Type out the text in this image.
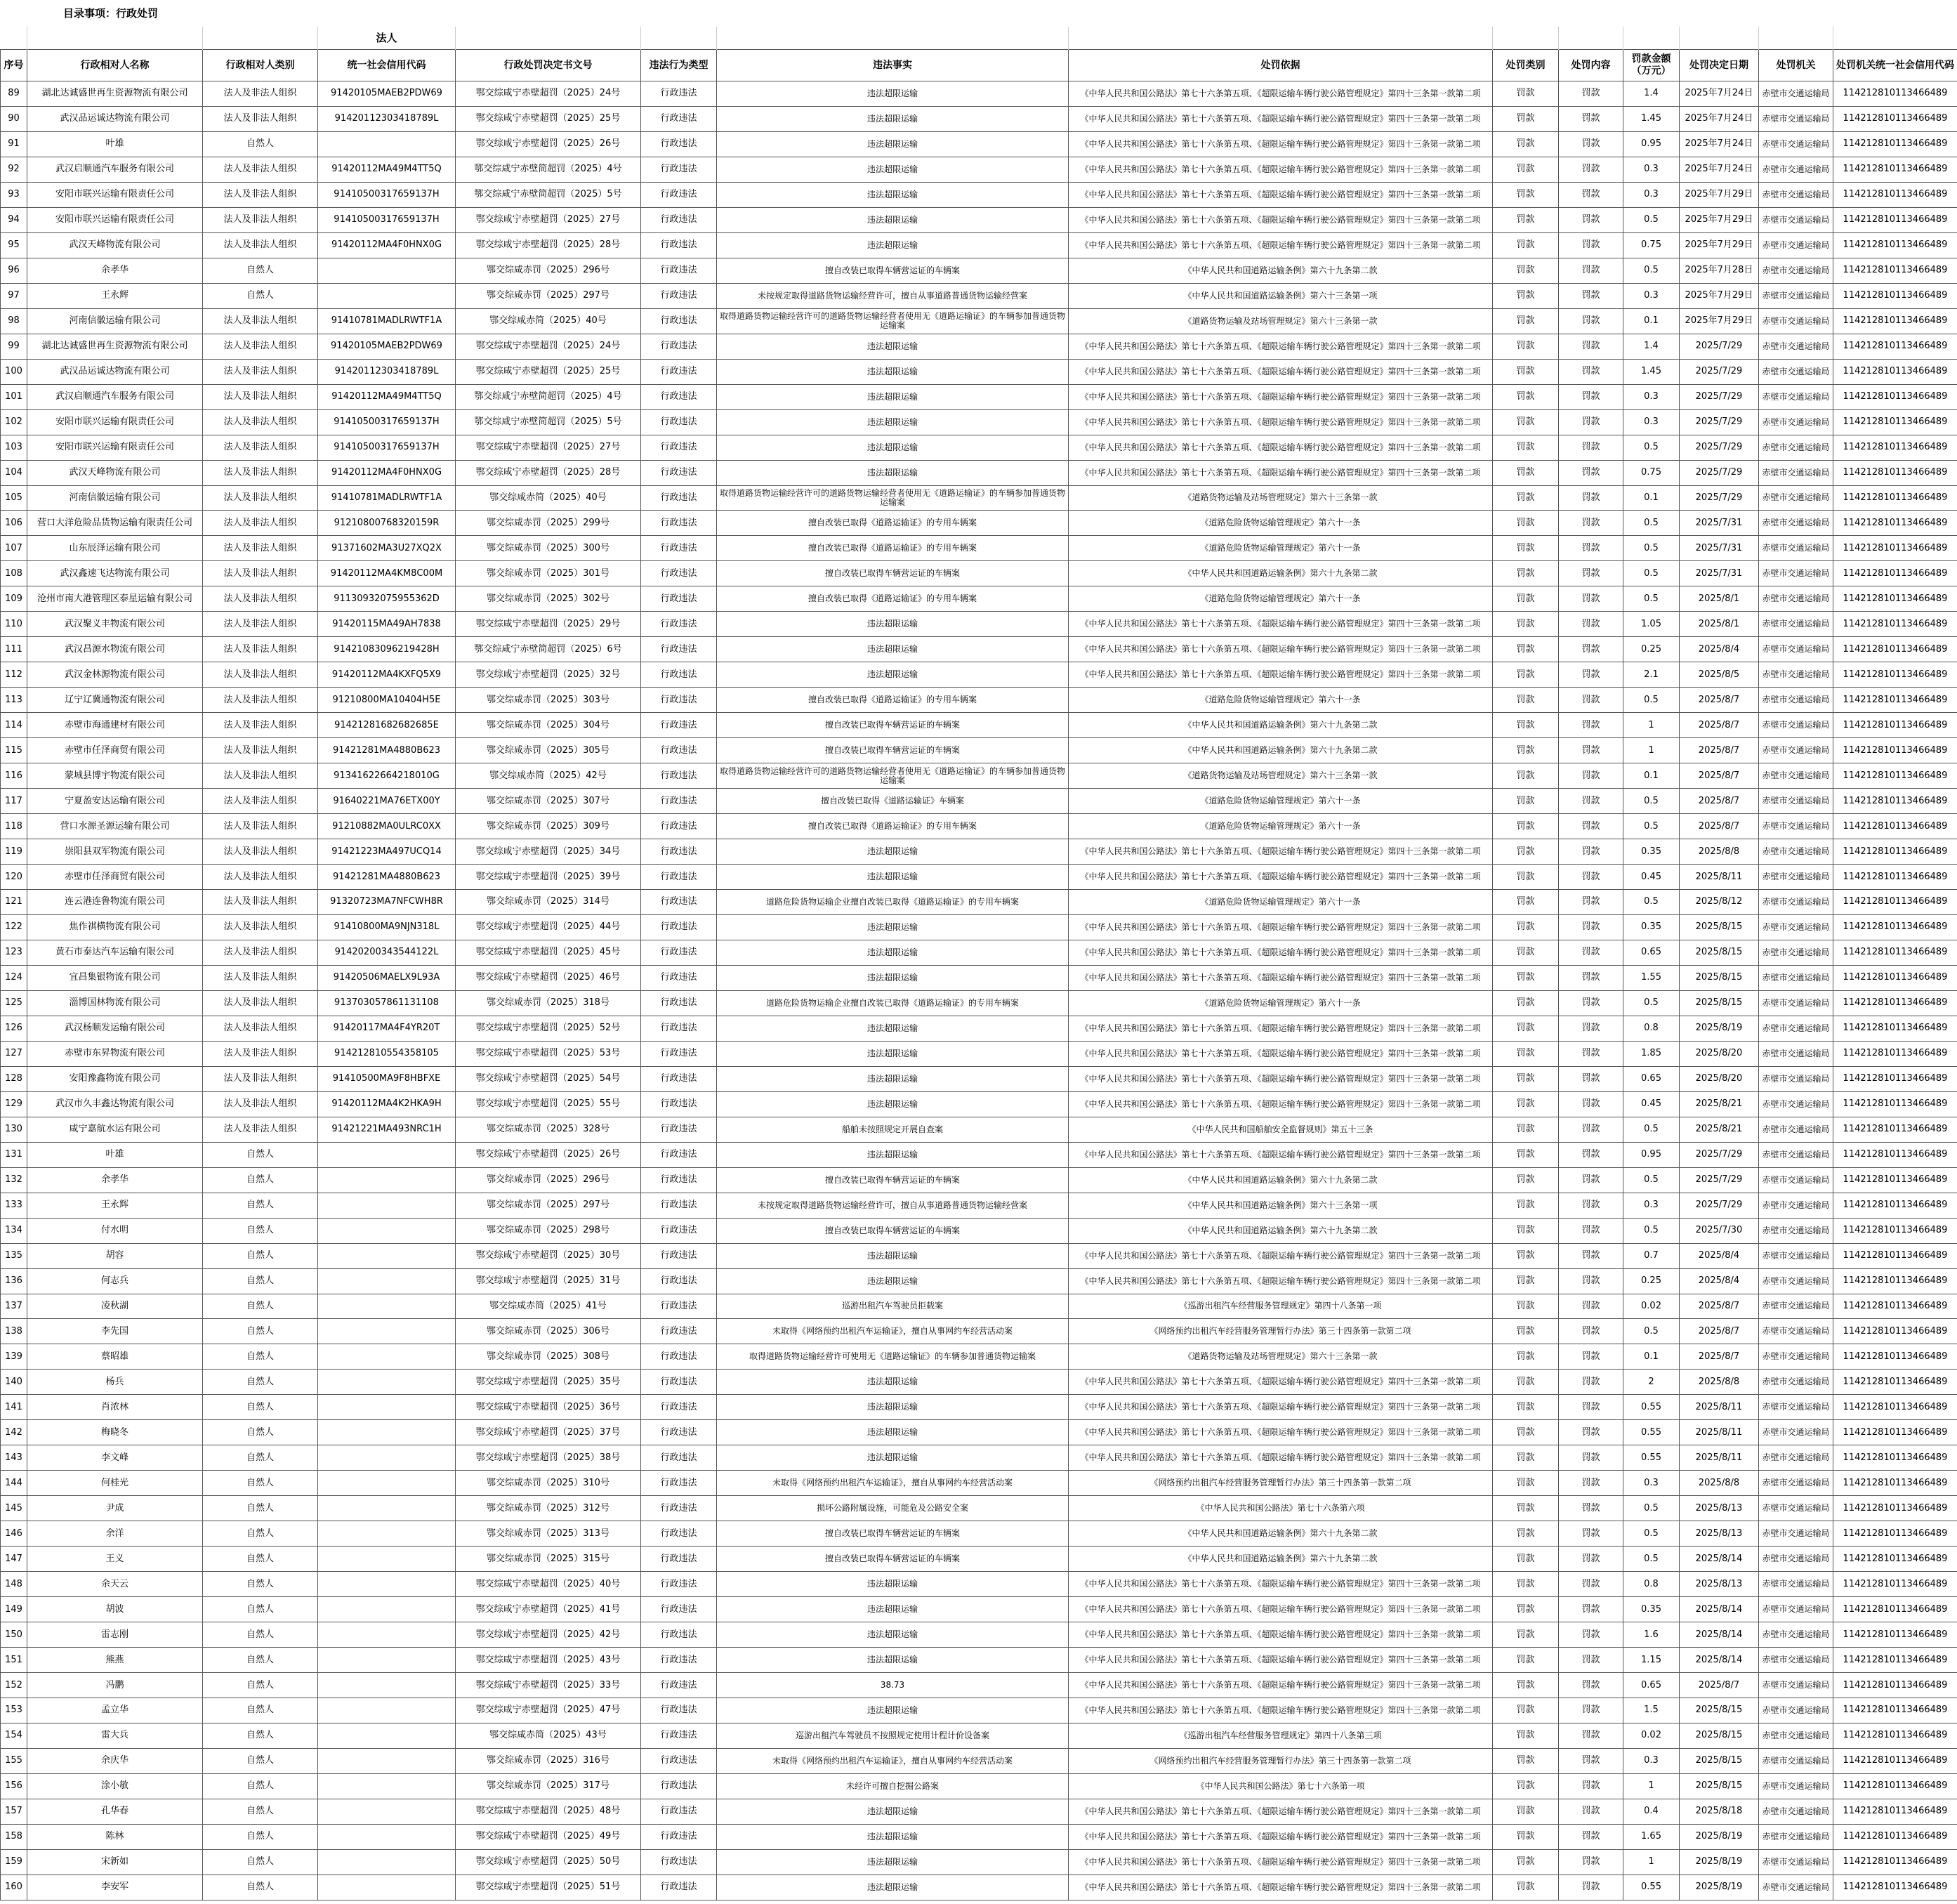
目录事项：行政处罚
			法人										
序号	行政相对人名称	行政相对人类别	统一社会信用代码	行政处罚决定书文号	违法行为类型	违法事实	处罚依据	处罚类别	处罚内容	罚款金额（万元）	处罚决定日期	处罚机关	处罚机关统一社会信用代码
89	湖北达诚盛世再生资源物流有限公司	法人及非法人组织	91420105MAEB2PDW69	鄂交综咸宁赤壁超罚（2025）24号	行政违法	违法超限运输	《中华人民共和国公路法》第七十六条第五项、《超限运输车辆行驶公路管理规定》第四十三条第一款第二项	罚款	罚款	1.4	2025年7月24日	赤壁市交通运输局	11421281011346648​9
90	武汉品运诚达物流有限公司	法人及非法人组织	91420112303418789L	鄂交综咸宁赤壁超罚（2025）25号	行政违法	违法超限运输	《中华人民共和国公路法》第七十六条第五项、《超限运输车辆行驶公路管理规定》第四十三条第一款第二项	罚款	罚款	1.45	2025年7月24日	赤壁市交通运输局	114212810113466489
91	叶雄	自然人		鄂交综咸宁赤壁超罚（2025）26号	行政违法	违法超限运输	《中华人民共和国公路法》第七十六条第五项、《超限运输车辆行驶公路管理规定》第四十三条第一款第二项	罚款	罚款	0.95	2025年7月24日	赤壁市交通运输局	114212810113466489
92	武汉启顺通汽车服务有限公司	法人及非法人组织	91420112MA49M4TT5Q	鄂交综咸宁赤壁简超罚（2025）4号	行政违法	违法超限运输	《中华人民共和国公路法》第七十六条第五项、《超限运输车辆行驶公路管理规定》第四十三条第一款第二项	罚款	罚款	0.3	2025年7月24日	赤壁市交通运输局	114212810113466489
93	安阳市联兴运输有限责任公司	法人及非法人组织	91410500317659137H	鄂交综咸宁赤壁简超罚（2025）5号	行政违法	违法超限运输	《中华人民共和国公路法》第七十六条第五项、《超限运输车辆行驶公路管理规定》第四十三条第一款第二项	罚款	罚款	0.3	2025年7月29日	赤壁市交通运输局	114212810113466489
94	安阳市联兴运输有限责任公司	法人及非法人组织	91410500317659137H	鄂交综咸宁赤壁超罚（2025）27号	行政违法	违法超限运输	《中华人民共和国公路法》第七十六条第五项、《超限运输车辆行驶公路管理规定》第四十三条第一款第二项	罚款	罚款	0.5	2025年7月29日	赤壁市交通运输局	114212810113466489
95	武汉天峰物流有限公司	法人及非法人组织	91420112MA4F0HNX0G	鄂交综咸宁赤壁超罚（2025）28号	行政违法	违法超限运输	《中华人民共和国公路法》第七十六条第五项、《超限运输车辆行驶公路管理规定》第四十三条第一款第二项	罚款	罚款	0.75	2025年7月29日	赤壁市交通运输局	114212810113466489
96	余孝华	自然人		鄂交综咸赤罚（2025）296号	行政违法	擅自改装已取得车辆营运证的车辆案	《中华人民共和国道路运输条例》第六十九条第二款	罚款	罚款	0.5	2025年7月28日	赤壁市交通运输局	114212810113466489
97	王永辉	自然人		鄂交综咸赤罚（2025）297号	行政违法	未按规定取得道路货物运输经营许可，擅自从事道路普通货物运输经营案	《中华人民共和国道路运输条例》第六十三条第一项	罚款	罚款	0.3	2025年7月29日	赤壁市交通运输局	114212810113466489
98	河南信徽运输有限公司	法人及非法人组织	91410781MADLRWTF1A	鄂交综咸赤简（2025）40号	行政违法	取得道路货物运输经营许可的道路货物运输经营者使用无《道路运输证》的车辆参加普通货物运输案	《道路货物运输及站场管理规定》第六十三条第一款	罚款	罚款	0.1	2025年7月29日	赤壁市交通运输局	114212810113466489
99	湖北达诚盛世再生资源物流有限公司	法人及非法人组织	91420105MAEB2PDW69	鄂交综咸宁赤壁超罚（2025）24号	行政违法	违法超限运输	《中华人民共和国公路法》第七十六条第五项、《超限运输车辆行驶公路管理规定》第四十三条第一款第二项	罚款	罚款	1.4	2025/7/29	赤壁市交通运输局	114212810113466489
100	武汉品运诚达物流有限公司	法人及非法人组织	91420112303418789L	鄂交综咸宁赤壁超罚（2025）25号	行政违法	违法超限运输	《中华人民共和国公路法》第七十六条第五项、《超限运输车辆行驶公路管理规定》第四十三条第一款第二项	罚款	罚款	1.45	2025/7/29	赤壁市交通运输局	114212810113466489
101	武汉启顺通汽车服务有限公司	法人及非法人组织	91420112MA49M4TT5Q	鄂交综咸宁赤壁简超罚（2025）4号	行政违法	违法超限运输	《中华人民共和国公路法》第七十六条第五项、《超限运输车辆行驶公路管理规定》第四十三条第一款第二项	罚款	罚款	0.3	2025/7/29	赤壁市交通运输局	114212810113466489
102	安阳市联兴运输有限责任公司	法人及非法人组织	91410500317659137H	鄂交综咸宁赤壁简超罚（2025）5号	行政违法	违法超限运输	《中华人民共和国公路法》第七十六条第五项、《超限运输车辆行驶公路管理规定》第四十三条第一款第二项	罚款	罚款	0.3	2025/7/29	赤壁市交通运输局	114212810113466489
103	安阳市联兴运输有限责任公司	法人及非法人组织	91410500317659137H	鄂交综咸宁赤壁超罚（2025）27号	行政违法	违法超限运输	《中华人民共和国公路法》第七十六条第五项、《超限运输车辆行驶公路管理规定》第四十三条第一款第二项	罚款	罚款	0.5	2025/7/29	赤壁市交通运输局	114212810113466489
104	武汉天峰物流有限公司	法人及非法人组织	91420112MA4F0HNX0G	鄂交综咸宁赤壁超罚（2025）28号	行政违法	违法超限运输	《中华人民共和国公路法》第七十六条第五项、《超限运输车辆行驶公路管理规定》第四十三条第一款第二项	罚款	罚款	0.75	2025/7/29	赤壁市交通运输局	114212810113466489
105	河南信徽运输有限公司	法人及非法人组织	91410781MADLRWTF1A	鄂交综咸赤简（2025）40号	行政违法	取得道路货物运输经营许可的道路货物运输经营者使用无《道路运输证》的车辆参加普通货物运输案	《道路货物运输及站场管理规定》第六十三条第一款	罚款	罚款	0.1	2025/7/29	赤壁市交通运输局	114212810113466489
106	营口大洋危险品货物运输有限责任公司	法人及非法人组织	91210800768320159R	鄂交综咸赤罚（2025）299号	行政违法	擅自改装已取得《道路运输证》的专用车辆案	《道路危险货物运输管理规定》第六十一条	罚款	罚款	0.5	2025/7/31	赤壁市交通运输局	114212810113466489
107	山东辰泽运输有限公司	法人及非法人组织	91371602MA3U27XQ2X	鄂交综咸赤罚（2025）300号	行政违法	擅自改装已取得《道路运输证》的专用车辆案	《道路危险货物运输管理规定》第六十一条	罚款	罚款	0.5	2025/7/31	赤壁市交通运输局	114212810113466489
108	武汉鑫速飞达物流有限公司	法人及非法人组织	91420112MA4KM8C00M	鄂交综咸赤罚（2025）301号	行政违法	擅自改装已取得车辆营运证的车辆案	《中华人民共和国道路运输条例》第六十九条第二款	罚款	罚款	0.5	2025/7/31	赤壁市交通运输局	114212810113466489
109	沧州市南大港管理区泰星运输有限公司	法人及非法人组织	91130932075955362D	鄂交综咸赤罚（2025）302号	行政违法	擅自改装已取得《道路运输证》的专用车辆案	《道路危险货物运输管理规定》第六十一条	罚款	罚款	0.5	2025/8/1	赤壁市交通运输局	114212810113466489
110	武汉聚义丰物流有限公司	法人及非法人组织	91420115MA49AH7838	鄂交综咸宁赤壁超罚（2025）29号	行政违法	违法超限运输	《中华人民共和国公路法》第七十六条第五项、《超限运输车辆行驶公路管理规定》第四十三条第一款第二项	罚款	罚款	1.05	2025/8/1	赤壁市交通运输局	114212810113466489
111	武汉昌源水物流有限公司	法人及非法人组织	91421083096219428H	鄂交综咸宁赤壁简超罚（2025）6号	行政违法	违法超限运输	《中华人民共和国公路法》第七十六条第五项、《超限运输车辆行驶公路管理规定》第四十三条第一款第二项	罚款	罚款	0.25	2025/8/4	赤壁市交通运输局	114212810113466489
112	武汉金林源物流有限公司	法人及非法人组织	91420112MA4KXFQ5X9	鄂交综咸宁赤壁超罚（2025）32号	行政违法	违法超限运输	《中华人民共和国公路法》第七十六条第五项、《超限运输车辆行驶公路管理规定》第四十三条第一款第二项	罚款	罚款	2.1	2025/8/5	赤壁市交通运输局	114212810113466489
113	辽宁辽冀通物流有限公司	法人及非法人组织	91210800MA10404H5E	鄂交综咸赤罚（2025）303号	行政违法	擅自改装已取得《道路运输证》的专用车辆案	《道路危险货物运输管理规定》第六十一条	罚款	罚款	0.5	2025/8/7	赤壁市交通运输局	114212810113466489
114	赤壁市海通建材有限公司	法人及非法人组织	91421281682682685E	鄂交综咸赤罚（2025）304号	行政违法	擅自改装已取得车辆营运证的车辆案	《中华人民共和国道路运输条例》第六十九条第二款	罚款	罚款	1	2025/8/7	赤壁市交通运输局	114212810113466489
115	赤壁市任泽商贸有限公司	法人及非法人组织	91421281MA4880B623	鄂交综咸赤罚（2025）305号	行政违法	擅自改装已取得车辆营运证的车辆案	《中华人民共和国道路运输条例》第六十九条第二款	罚款	罚款	1	2025/8/7	赤壁市交通运输局	114212810113466489
116	蒙城县博宇物流有限公司	法人及非法人组织	91341622664218010G	鄂交综咸赤简（2025）42号	行政违法	取得道路货物运输经营许可的道路货物运输经营者使用无《道路运输证》的车辆参加普通货物运输案	《道路货物运输及站场管理规定》第六十三条第一款	罚款	罚款	0.1	2025/8/7	赤壁市交通运输局	114212810113466489
117	宁夏盈安达运输有限公司	法人及非法人组织	91640221MA76ETX00Y	鄂交综咸赤罚（2025）307号	行政违法	擅自改装已取得《道路运输证》车辆案	《道路危险货物运输管理规定》第六十一条	罚款	罚款	0.5	2025/8/7	赤壁市交通运输局	114212810113466489
118	营口水源圣源运输有限公司	法人及非法人组织	91210882MA0ULRC0XX	鄂交综咸赤罚（2025）309号	行政违法	擅自改装已取得《道路运输证》的专用车辆案	《道路危险货物运输管理规定》第六十一条	罚款	罚款	0.5	2025/8/7	赤壁市交通运输局	114212810113466489
119	崇阳县双军物流有限公司	法人及非法人组织	91421223MA497UCQ14	鄂交综咸宁赤壁超罚（2025）34号	行政违法	违法超限运输	《中华人民共和国公路法》第七十六条第五项、《超限运输车辆行驶公路管理规定》第四十三条第一款第二项	罚款	罚款	0.35	2025/8/8	赤壁市交通运输局	114212810113466489
120	赤壁市任泽商贸有限公司	法人及非法人组织	91421281MA4880B623	鄂交综咸宁赤壁超罚（2025）39号	行政违法	违法超限运输	《中华人民共和国公路法》第七十六条第五项、《超限运输车辆行驶公路管理规定》第四十三条第一款第二项	罚款	罚款	0.45	2025/8/11	赤壁市交通运输局	114212810113466489
121	连云港连鲁物流有限公司	法人及非法人组织	91320723MA7NFCWH8R	鄂交综咸赤罚（2025）314号	行政违法	道路危险货物运输企业擅自改装已取得《道路运输证》的专用车辆案	《道路危险货物运输管理规定》第六十一条	罚款	罚款	0.5	2025/8/12	赤壁市交通运输局	114212810113466489
122	焦作祺横物流有限公司	法人及非法人组织	91410800MA9NJN318L	鄂交综咸宁赤壁超罚（2025）44号	行政违法	违法超限运输	《中华人民共和国公路法》第七十六条第五项、《超限运输车辆行驶公路管理规定》第四十三条第一款第二项	罚款	罚款	0.35	2025/8/15	赤壁市交通运输局	114212810113466489
123	黄石市泰达汽车运输有限公司	法人及非法人组织	91420200343544122L	鄂交综咸宁赤壁超罚（2025）45号	行政违法	违法超限运输	《中华人民共和国公路法》第七十六条第五项、《超限运输车辆行驶公路管理规定》第四十三条第一款第二项	罚款	罚款	0.65	2025/8/15	赤壁市交通运输局	114212810113466489
124	宜昌集银物流有限公司	法人及非法人组织	91420506MAELX9L93A	鄂交综咸宁赤壁超罚（2025）46号	行政违法	违法超限运输	《中华人民共和国公路法》第七十六条第五项、《超限运输车辆行驶公路管理规定》第四十三条第一款第二项	罚款	罚款	1.55	2025/8/15	赤壁市交通运输局	114212810113466489
125	淄博国林物流有限公司	法人及非法人组织	91370305786113110​8	鄂交综咸赤罚（2025）318号	行政违法	道路危险货物运输企业擅自改装已取得《道路运输证》的专用车辆案	《道路危险货物运输管理规定》第六十一条	罚款	罚款	0.5	2025/8/15	赤壁市交通运输局	114212810113466489
126	武汉杨顺发运输有限公司	法人及非法人组织	91420117MA4F4YR20T	鄂交综咸宁赤壁超罚（2025）52号	行政违法	违法超限运输	《中华人民共和国公路法》第七十六条第五项、《超限运输车辆行驶公路管理规定》第四十三条第一款第二项	罚款	罚款	0.8	2025/8/19	赤壁市交通运输局	114212810113466489
127	赤壁市东昇物流有限公司	法人及非法人组织	91421281055435810​5	鄂交综咸宁赤壁超罚（2025）53号	行政违法	违法超限运输	《中华人民共和国公路法》第七十六条第五项、《超限运输车辆行驶公路管理规定》第四十三条第一款第二项	罚款	罚款	1.85	2025/8/20	赤壁市交通运输局	114212810113466489
128	安阳豫鑫物流有限公司	法人及非法人组织	91410500MA9F8HBFXE	鄂交综咸宁赤壁超罚（2025）54号	行政违法	违法超限运输	《中华人民共和国公路法》第七十六条第五项、《超限运输车辆行驶公路管理规定》第四十三条第一款第二项	罚款	罚款	0.65	2025/8/20	赤壁市交通运输局	114212810113466489
129	武汉市久丰鑫达物流有限公司	法人及非法人组织	91420112MA4K2HKA9H	鄂交综咸宁赤壁超罚（2025）55号	行政违法	违法超限运输	《中华人民共和国公路法》第七十六条第五项、《超限运输车辆行驶公路管理规定》第四十三条第一款第二项	罚款	罚款	0.45	2025/8/21	赤壁市交通运输局	114212810113466489
130	咸宁嘉航水运有限公司	法人及非法人组织	91421221MA493NRC1H	鄂交综咸赤罚（2025）328号	行政违法	船舶未按照规定开展自查案	《中华人民共和国船舶安全监督规则》第五十三条	罚款	罚款	0.5	2025/8/21	赤壁市交通运输局	114212810113466489
131	叶雄	自然人		鄂交综咸宁赤壁超罚（2025）26号	行政违法	违法超限运输	《中华人民共和国公路法》第七十六条第五项、《超限运输车辆行驶公路管理规定》第四十三条第一款第二项	罚款	罚款	0.95	2025/7/29	赤壁市交通运输局	114212810113466489
132	余孝华	自然人		鄂交综咸赤罚（2025）296号	行政违法	擅自改装已取得车辆营运证的车辆案	《中华人民共和国道路运输条例》第六十九条第二款	罚款	罚款	0.5	2025/7/29	赤壁市交通运输局	114212810113466489
133	王永辉	自然人		鄂交综咸赤罚（2025）297号	行政违法	未按规定取得道路货物运输经营许可，擅自从事道路普通货物运输经营案	《中华人民共和国道路运输条例》第六十三条第一项	罚款	罚款	0.3	2025/7/29	赤壁市交通运输局	114212810113466489
134	付水明	自然人		鄂交综咸赤罚（2025）298号	行政违法	擅自改装已取得车辆营运证的车辆案	《中华人民共和国道路运输条例》第六十九条第二款	罚款	罚款	0.5	2025/7/30	赤壁市交通运输局	114212810113466489
135	胡容	自然人		鄂交综咸宁赤壁超罚（2025）30号	行政违法	违法超限运输	《中华人民共和国公路法》第七十六条第五项、《超限运输车辆行驶公路管理规定》第四十三条第一款第二项	罚款	罚款	0.7	2025/8/4	赤壁市交通运输局	114212810113466489
136	何志兵	自然人		鄂交综咸宁赤壁超罚（2025）31号	行政违法	违法超限运输	《中华人民共和国公路法》第七十六条第五项、《超限运输车辆行驶公路管理规定》第四十三条第一款第二项	罚款	罚款	0.25	2025/8/4	赤壁市交通运输局	114212810113466489
137	凌秋湖	自然人		鄂交综咸赤简（2025）41号	行政违法	巡游出租汽车驾驶员拒载案	《巡游出租汽车经营服务管理规定》第四十八条第一项	罚款	罚款	0.02	2025/8/7	赤壁市交通运输局	114212810113466489
138	李先国	自然人		鄂交综咸赤罚（2025）306号	行政违法	未取得《网络预约出租汽车运输证》，擅自从事网约车经营活动案	《网络预约出租汽车经营服务管理暂行办法》第三十四条第一款第二项	罚款	罚款	0.5	2025/8/7	赤壁市交通运输局	114212810113466489
139	蔡昭雄	自然人		鄂交综咸赤罚（2025）308号	行政违法	取得道路货物运输经营许可使用无《道路运输证》的车辆参加普通货物运输案	《道路货物运输及站场管理规定》第六十三条第一款	罚款	罚款	0.1	2025/8/7	赤壁市交通运输局	114212810113466489
140	杨兵	自然人		鄂交综咸宁赤壁超罚（2025）35号	行政违法	违法超限运输	《中华人民共和国公路法》第七十六条第五项、《超限运输车辆行驶公路管理规定》第四十三条第一款第二项	罚款	罚款	2	2025/8/8	赤壁市交通运输局	114212810113466489
141	肖浓林	自然人		鄂交综咸宁赤壁超罚（2025）36号	行政违法	违法超限运输	《中华人民共和国公路法》第七十六条第五项、《超限运输车辆行驶公路管理规定》第四十三条第一款第二项	罚款	罚款	0.55	2025/8/11	赤壁市交通运输局	114212810113466489
142	梅晓冬	自然人		鄂交综咸宁赤壁超罚（2025）37号	行政违法	违法超限运输	《中华人民共和国公路法》第七十六条第五项、《超限运输车辆行驶公路管理规定》第四十三条第一款第二项	罚款	罚款	0.55	2025/8/11	赤壁市交通运输局	114212810113466489
143	李文峰	自然人		鄂交综咸宁赤壁超罚（2025）38号	行政违法	违法超限运输	《中华人民共和国公路法》第七十六条第五项、《超限运输车辆行驶公路管理规定》第四十三条第一款第二项	罚款	罚款	0.55	2025/8/11	赤壁市交通运输局	114212810113466489
144	何桂光	自然人		鄂交综咸赤罚（2025）310号	行政违法	未取得《网络预约出租汽车运输证》，擅自从事网约车经营活动案	《网络预约出租汽车经营服务管理暂行办法》第三十四条第一款第二项	罚款	罚款	0.3	2025/8/8	赤壁市交通运输局	114212810113466489
145	尹成	自然人		鄂交综咸赤罚（2025）312号	行政违法	损坏公路附属设施，可能危及公路安全案	《中华人民共和国公路法》第七十六条第六项	罚款	罚款	0.5	2025/8/13	赤壁市交通运输局	114212810113466489
146	余洋	自然人		鄂交综咸赤罚（2025）313号	行政违法	擅自改装已取得车辆营运证的车辆案	《中华人民共和国道路运输条例》第六十九条第二款	罚款	罚款	0.5	2025/8/13	赤壁市交通运输局	114212810113466489
147	王义	自然人		鄂交综咸赤罚（2025）315号	行政违法	擅自改装已取得车辆营运证的车辆案	《中华人民共和国道路运输条例》第六十九条第二款	罚款	罚款	0.5	2025/8/14	赤壁市交通运输局	114212810113466489
148	余天云	自然人		鄂交综咸宁赤壁超罚（2025）40号	行政违法	违法超限运输	《中华人民共和国公路法》第七十六条第五项、《超限运输车辆行驶公路管理规定》第四十三条第一款第二项	罚款	罚款	0.8	2025/8/13	赤壁市交通运输局	114212810113466489
149	胡波	自然人		鄂交综咸宁赤壁超罚（2025）41号	行政违法	违法超限运输	《中华人民共和国公路法》第七十六条第五项、《超限运输车辆行驶公路管理规定》第四十三条第一款第二项	罚款	罚款	0.35	2025/8/14	赤壁市交通运输局	114212810113466489
150	雷志刚	自然人		鄂交综咸宁赤壁超罚（2025）42号	行政违法	违法超限运输	《中华人民共和国公路法》第七十六条第五项、《超限运输车辆行驶公路管理规定》第四十三条第一款第二项	罚款	罚款	1.6	2025/8/14	赤壁市交通运输局	114212810113466489
151	熊燕	自然人		鄂交综咸宁赤壁超罚（2025）43号	行政违法	违法超限运输	《中华人民共和国公路法》第七十六条第五项、《超限运输车辆行驶公路管理规定》第四十三条第一款第二项	罚款	罚款	1.15	2025/8/14	赤壁市交通运输局	114212810113466489
152	冯鹏	自然人		鄂交综咸宁赤壁超罚（2025）33号	行政违法	38.73	《中华人民共和国公路法》第七十六条第五项、《超限运输车辆行驶公路管理规定》第四十三条第一款第二项	罚款	罚款	0.65	2025/8/7	赤壁市交通运输局	114212810113466489
153	孟立华	自然人		鄂交综咸宁赤壁超罚（2025）47号	行政违法	违法超限运输	《中华人民共和国公路法》第七十六条第五项、《超限运输车辆行驶公路管理规定》第四十三条第一款第二项	罚款	罚款	1.5	2025/8/15	赤壁市交通运输局	114212810113466489
154	雷大兵	自然人		鄂交综咸赤简（2025）43号	行政违法	巡游出租汽车驾驶员不按照规定使用计程计价设备案	《巡游出租汽车经营服务管理规定》第四十八条第三项	罚款	罚款	0.02	2025/8/15	赤壁市交通运输局	114212810113466489
155	余庆华	自然人		鄂交综咸赤罚（2025）316号	行政违法	未取得《网络预约出租汽车运输证》，擅自从事网约车经营活动案	《网络预约出租汽车经营服务管理暂行办法》第三十四条第一款第二项	罚款	罚款	0.3	2025/8/15	赤壁市交通运输局	114212810113466489
156	涂小敏	自然人		鄂交综咸赤罚（2025）317号	行政违法	未经许可擅自挖掘公路案	《中华人民共和国公路法》第七十六条第一项	罚款	罚款	1	2025/8/15	赤壁市交通运输局	114212810113466489
157	孔华春	自然人		鄂交综咸宁赤壁超罚（2025）48号	行政违法	违法超限运输	《中华人民共和国公路法》第七十六条第五项、《超限运输车辆行驶公路管理规定》第四十三条第一款第二项	罚款	罚款	0.4	2025/8/18	赤壁市交通运输局	114212810113466489
158	陈林	自然人		鄂交综咸宁赤壁超罚（2025）49号	行政违法	违法超限运输	《中华人民共和国公路法》第七十六条第五项、《超限运输车辆行驶公路管理规定》第四十三条第一款第二项	罚款	罚款	1.65	2025/8/19	赤壁市交通运输局	114212810113466489
159	宋新如	自然人		鄂交综咸宁赤壁超罚（2025）50号	行政违法	违法超限运输	《中华人民共和国公路法》第七十六条第五项、《超限运输车辆行驶公路管理规定》第四十三条第一款第二项	罚款	罚款	1	2025/8/19	赤壁市交通运输局	114212810113466489
160	李安军	自然人		鄂交综咸宁赤壁超罚（2025）51号	行政违法	违法超限运输	《中华人民共和国公路法》第七十六条第五项、《超限运输车辆行驶公路管理规定》第四十三条第一款第二项	罚款	罚款	0.55	2025/8/19	赤壁市交通运输局	114212810113466489
